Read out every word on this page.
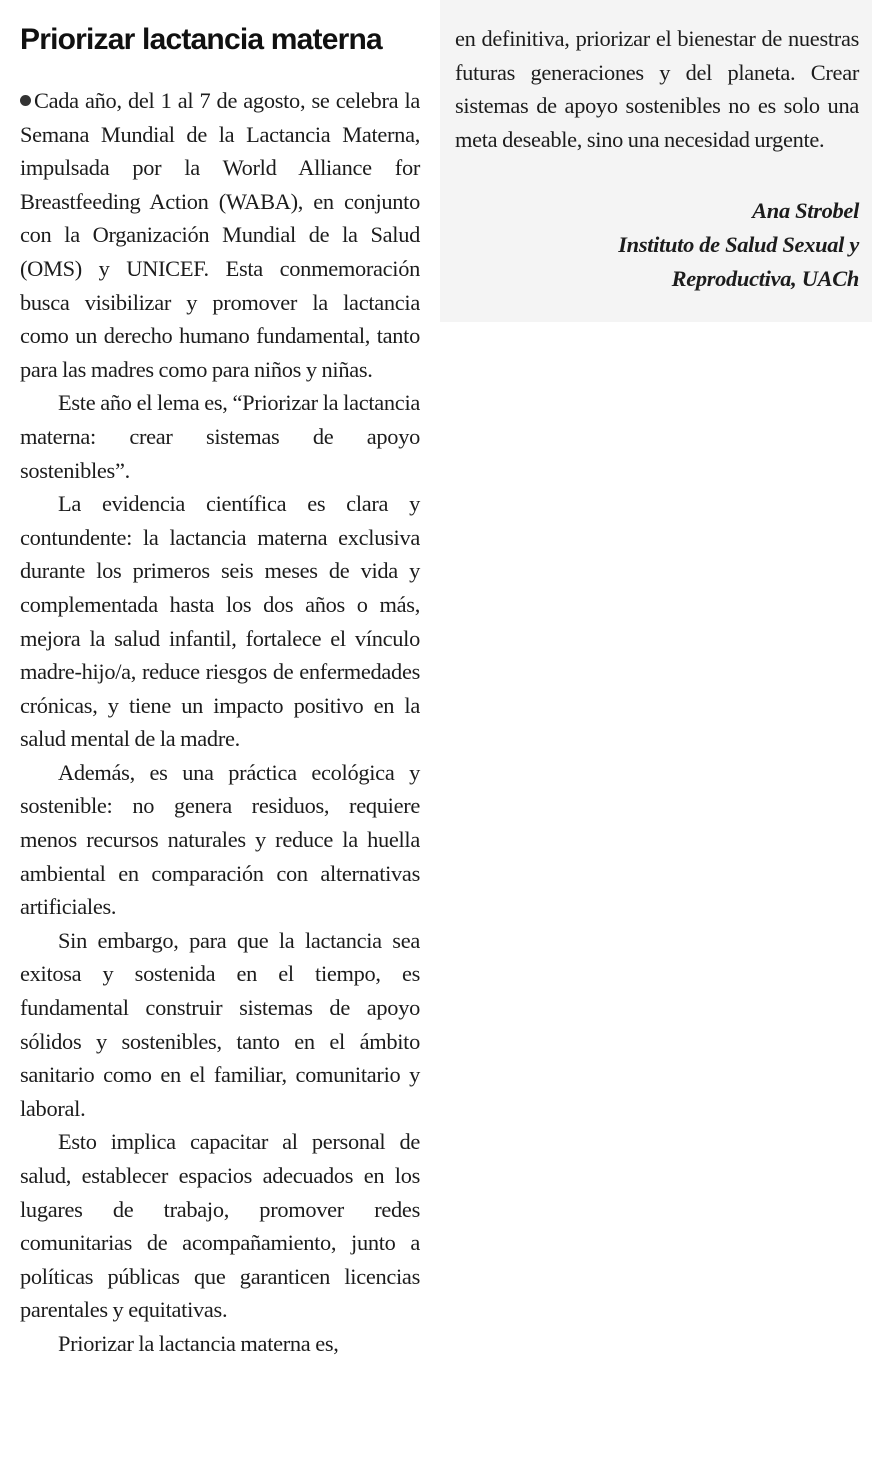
Priorizar lactancia materna

Cada año, del 1 al 7 de agosto, se celebra la Semana Mundial de la Lactancia Materna, impulsada por la World Alliance for Breastfeeding Action (WABA), en conjunto con la Organización Mundial de la Salud (OMS) y UNICEF. Esta conmemoración busca visibilizar y promover la lactancia como un derecho humano fundamental, tanto para las madres como para niños y niñas.

Este año el lema es, “Priorizar la lactancia materna: crear sistemas de apoyo sostenibles”.

La evidencia científica es clara y contundente: la lactancia materna exclusiva durante los primeros seis meses de vida y complementada hasta los dos años o más, mejora la salud infantil, fortalece el vínculo madre-hijo/a, reduce riesgos de enfermedades crónicas, y tiene un impacto positivo en la salud mental de la madre.

Además, es una práctica ecológica y sostenible: no genera residuos, requiere menos recursos naturales y reduce la huella ambiental en comparación con alternativas artificiales.

Sin embargo, para que la lactancia sea exitosa y sostenida en el tiempo, es fundamental construir sistemas de apoyo sólidos y sostenibles, tanto en el ámbito sanitario como en el familiar, comunitario y laboral.

Esto implica capacitar al personal de salud, establecer espacios adecuados en los lugares de trabajo, promover redes comunitarias de acompañamiento, junto a políticas públicas que garanticen licencias parentales y equitativas.

Priorizar la lactancia materna es,

en definitiva, priorizar el bienestar de nuestras futuras generaciones y del planeta. Crear sistemas de apoyo sostenibles no es solo una meta deseable, sino una necesidad urgente.

Ana Strobel
Instituto de Salud Sexual y
Reproductiva, UACh
